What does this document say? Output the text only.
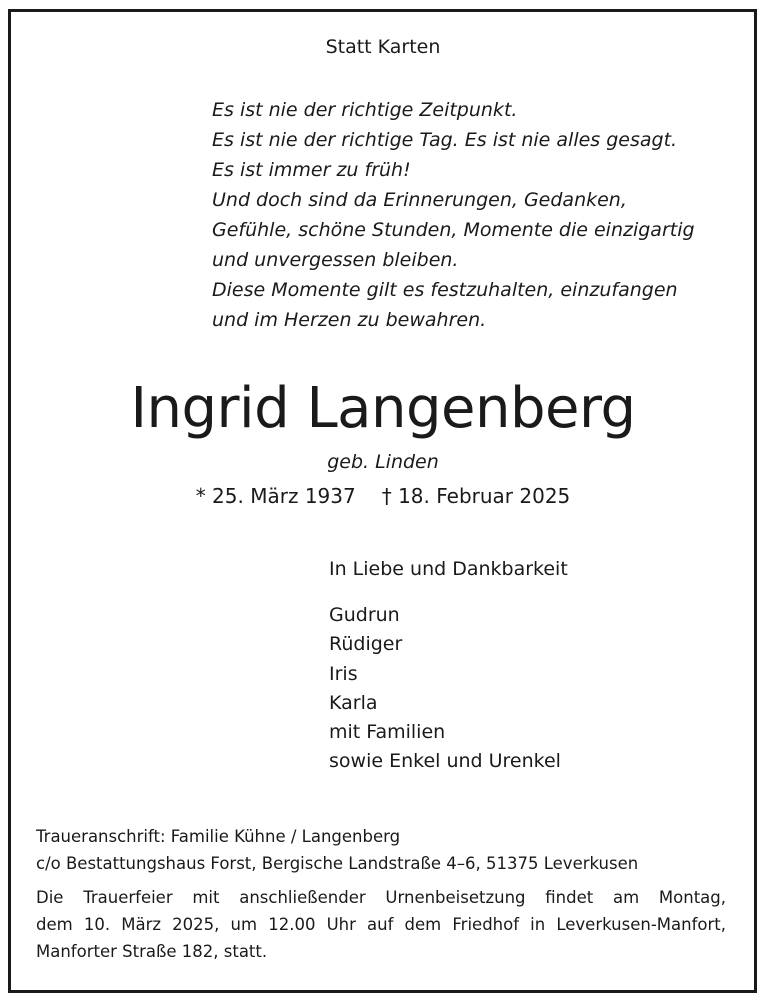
Statt Karten
Es ist nie der richtige Zeitpunkt.
Es ist nie der richtige Tag. Es ist nie alles gesagt.
Es ist immer zu früh!
Und doch sind da Erinnerungen, Gedanken,
Gefühle, schöne Stunden, Momente die einzigartig
und unvergessen bleiben.
Diese Momente gilt es festzuhalten, einzufangen
und im Herzen zu bewahren.
Ingrid Langenberg
geb. Linden
* 25. März 1937 † 18. Februar 2025
In Liebe und Dankbarkeit
Gudrun
Rüdiger
Iris
Karla
mit Familien
sowie Enkel und Urenkel
Traueranschrift: Familie Kühne / Langenberg
c/o Bestattungshaus Forst, Bergische Landstraße 4–6, 51375 Leverkusen
Die Trauerfeier mit anschließender Urnenbeisetzung findet am Montag,
dem 10. März 2025, um 12.00 Uhr auf dem Friedhof in Leverkusen-Manfort,
Manforter Straße 182, statt.
